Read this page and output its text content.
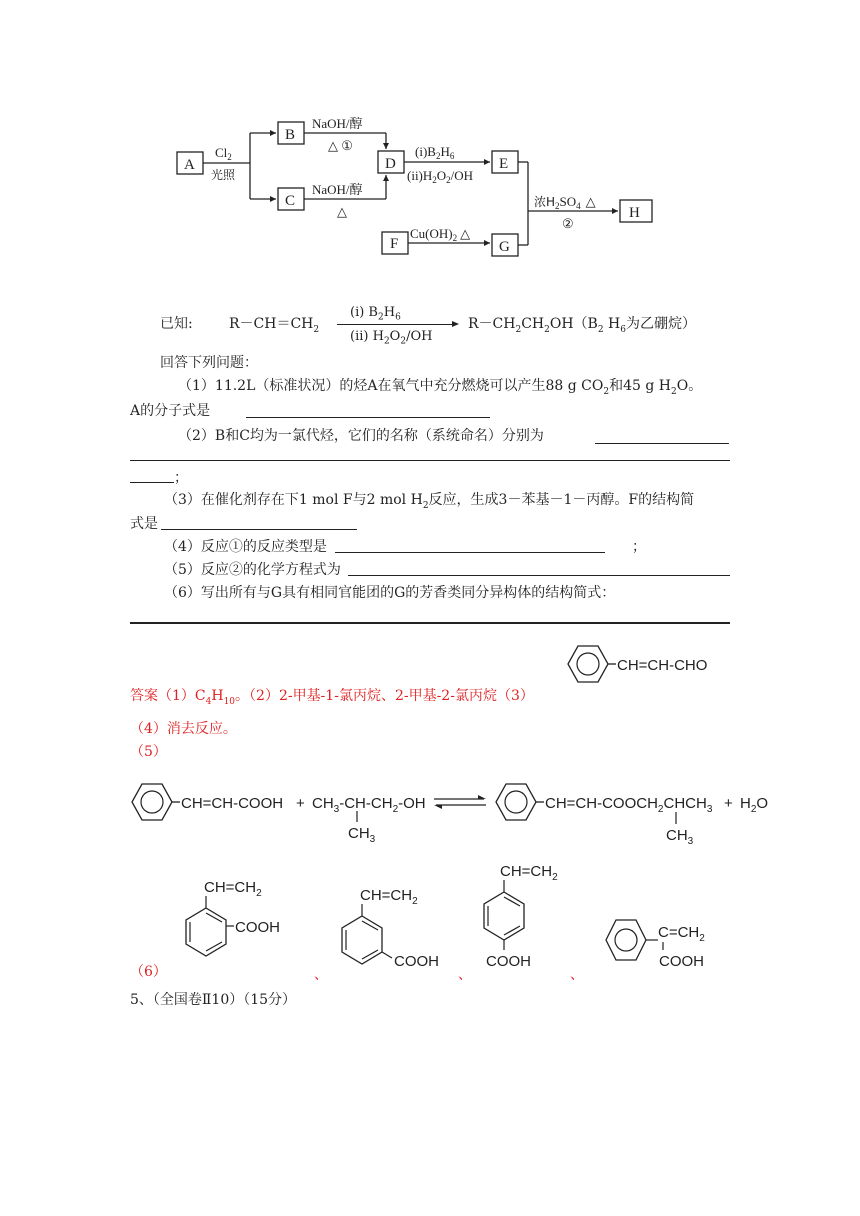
A
B
C
D	E
H
F	G
$Cl_2$
光照
NaOH/醇
△ ①
NaOH/醇
△
$(i)B_2H_6$
$(ii)H_2O_2/OH$
浓$H_2SO_4$ △
②
$Cu(OH)_2$ △
已知:	$R-CH=CH_2$
(i) $B_2H_6$
(ii) $H_2O_2/OH$
$R-CH_2CH_2OH(B_2$ $H_6$为乙硼烷）
回答下列问题：
（1）11.2L（标准状况）的烃A在氧气中充分燃烧可以产生88 g $CO_2$和45 g $H_2O$。
A的分子式是
（2）B和C均为一氯代烃，它们的名称（系统命名）分别为
；
（3）在催化剂存在下1 mol F与2 mol $H_2$反应，生成3－苯基－1－丙醇。F的结构简
式是
（4）反应①的反应类型是	；
（5）反应②的化学方程式为
（6）写出所有与G具有相同官能团的G的芳香类同分异构体的结构简式：
CH=CH-CHO
答案$(1)C_4H_{10}$。（2）2-甲基-1-氯丙烷、2-甲基-2-氯丙烷（3）
（4）消去反应。
（5）
CH=CH-COOH + $CH_3-CH-CH_2-OH$
$CH_3$
$CH=CH-COOCH_2CHCH_3$
$CH_3$
+ $H_2O$
（6）
$CH=CH_2$
COOH
、
$CH=CH_2$
COOH
、
$CH=CH_2$
COOH
、
$C=CH_2$
COOH
5、（全国卷Ⅱ10）（15分）
